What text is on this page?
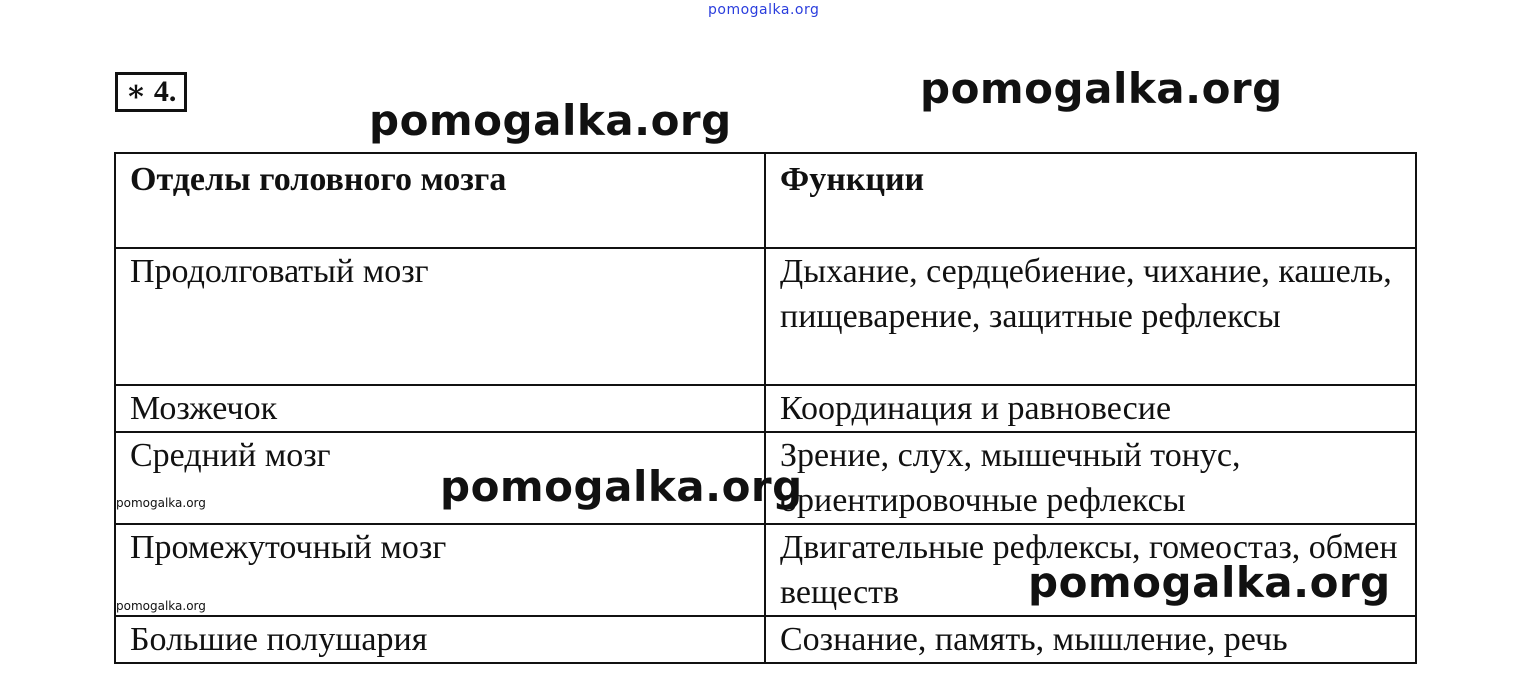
pomogalka.org
pomogalka.org
pomogalka.org
pomogalka.org
pomogalka.org
pomogalka.org
pomogalka.org
∗ 4.
Отделы головного мозга	Функции
Продолговатый мозг	Дыхание, сердцебиение, чихание, кашель, пищеварение, защитные рефлексы
Мозжечок	Координация и равновесие
Средний мозг	Зрение, слух, мышечный тонус, ориентировочные рефлексы
Промежуточный мозг	Двигательные рефлексы, гомеостаз, обмен веществ
Большие полушария	Сознание, память, мышление, речь
